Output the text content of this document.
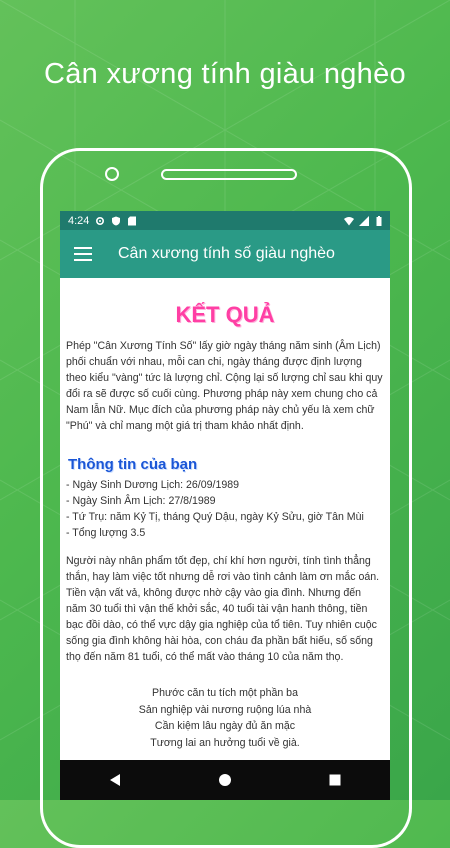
Cân xương tính giàu nghèo
4:24
Cân xương tính số giàu nghèo
KẾT QUẢ
Phép "Cân Xương Tính Số" lấy giờ ngày tháng năm sinh (Âm Lịch) phối chuẩn với nhau, mỗi can chi, ngày tháng được định lượng theo kiểu "vàng" tức là lượng chỉ. Cộng lại số lượng chỉ sau khi quy đổi ra sẽ được số cuối cùng. Phương pháp này xem chung cho cả Nam lẫn Nữ. Mục đích của phương pháp này chủ yếu là xem chữ "Phú" và chỉ mang một giá trị tham khảo nhất định.
Thông tin của bạn
- Ngày Sinh Dương Lịch: 26/09/1989
- Ngày Sinh Âm Lịch: 27/8/1989
- Tứ Trụ: năm Kỷ Tị, tháng Quý Dậu, ngày Kỷ Sửu, giờ Tân Mùi
- Tổng lượng 3.5
Người này nhân phẩm tốt đẹp, chí khí hơn người, tính tình thẳng thắn, hay làm việc tốt nhưng dễ rơi vào tình cảnh làm ơn mắc oán. Tiền vận vất vả, không được nhờ cậy vào gia đình. Nhưng đến năm 30 tuổi thì vận thế khởi sắc, 40 tuổi tài vận hanh thông, tiền bạc đồi dào, có thể vực dậy gia nghiệp của tổ tiên. Tuy nhiên cuộc sống gia đình không hài hòa, con cháu đa phần bất hiếu, số sống thọ đến năm 81 tuổi, có thể mất vào tháng 10 của năm thọ.
Phước căn tu tích một phần ba
Sản nghiệp vài nương ruộng lúa nhà
Cần kiệm lâu ngày đủ ăn mặc
Tương lai an hưởng tuổi về già.
